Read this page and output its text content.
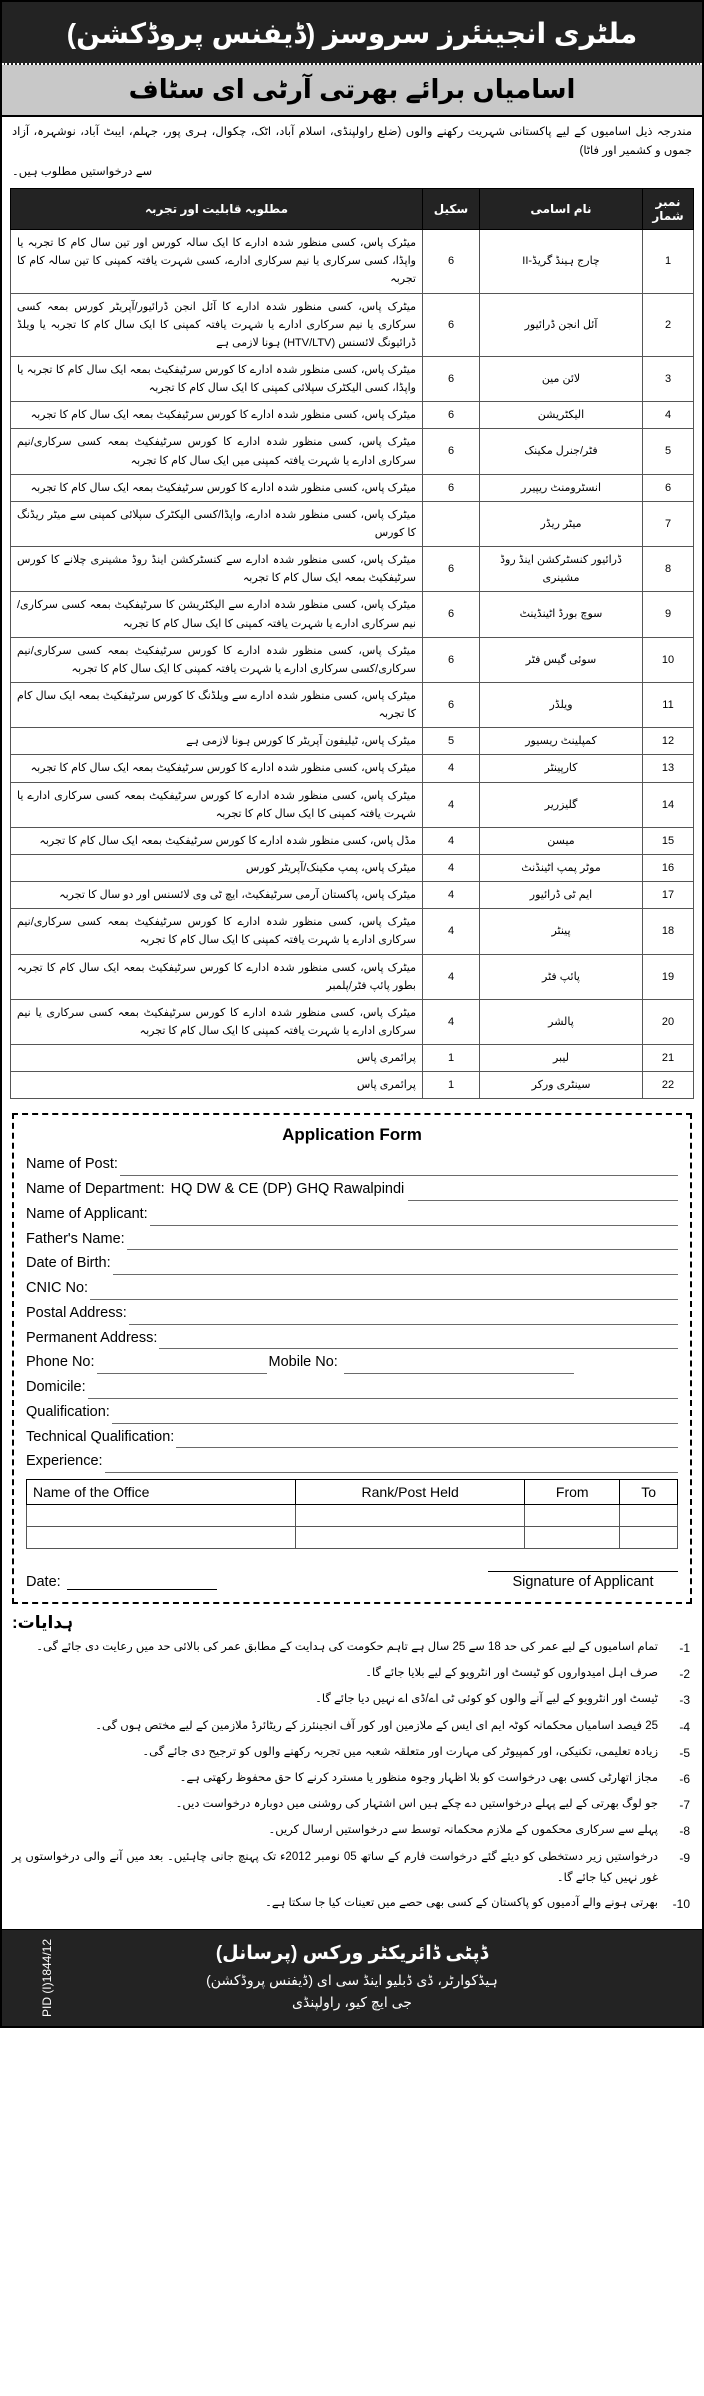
ملٹری انجینئرز سروسز (ڈیفنس پروڈکشن)
اسامیاں برائے بھرتی آرٹی ای سٹاف
مندرجہ ذیل اسامیوں کے لیے پاکستانی شہریت رکھنے والوں (ضلع راولپنڈی، اسلام آباد، اٹک، چکوال، ہری پور، جہلم، ایبٹ آباد، نوشہرہ، آزاد جموں و کشمیر اور فاٹا)
سے درخواستیں مطلوب ہیں۔
نمبر شمار	نام اسامی	سکیل	مطلوبہ قابلیت اور تجربہ
1	چارج ہینڈ گریڈ-II	6	میٹرک پاس، کسی منظور شدہ ادارے کا ایک سالہ کورس اور تین سال کام کا تجربہ یا واپڈا، کسی سرکاری یا نیم سرکاری ادارے، کسی شہرت یافتہ کمپنی کا تین سالہ کام کا تجربہ
2	آئل انجن ڈرائیور	6	میٹرک پاس، کسی منظور شدہ ادارے کا آئل انجن ڈرائیور/آپریٹر کورس بمعہ کسی سرکاری یا نیم سرکاری ادارے یا شہرت یافتہ کمپنی کا ایک سال کام کا تجربہ یا ویلڈ ڈرائیونگ لائسنس (HTV/LTV) ہونا لازمی ہے
3	لائن مین	6	میٹرک پاس، کسی منظور شدہ ادارے کا کورس سرٹیفکیٹ بمعہ ایک سال کام کا تجربہ یا واپڈا، کسی الیکٹرک سپلائی کمپنی کا ایک سال کام کا تجربہ
4	الیکٹریشن	6	میٹرک پاس، کسی منظور شدہ ادارے کا کورس سرٹیفکیٹ بمعہ ایک سال کام کا تجربہ
5	فٹر/جنرل مکینک	6	میٹرک پاس، کسی منظور شدہ ادارے کا کورس سرٹیفکیٹ بمعہ کسی سرکاری/نیم سرکاری ادارے یا شہرت یافتہ کمپنی میں ایک سال کام کا تجربہ
6	انسٹرومنٹ ریپیرر	6	میٹرک پاس، کسی منظور شدہ ادارے کا کورس سرٹیفکیٹ بمعہ ایک سال کام کا تجربہ
7	میٹر ریڈر		میٹرک پاس، کسی منظور شدہ ادارے، واپڈا/کسی الیکٹرک سپلائی کمپنی سے میٹر ریڈنگ کا کورس
8	ڈرائیور کنسٹرکشن اینڈ روڈ مشینری	6	میٹرک پاس، کسی منظور شدہ ادارے سے کنسٹرکشن اینڈ روڈ مشینری چلانے کا کورس سرٹیفکیٹ بمعہ ایک سال کام کا تجربہ
9	سوچ بورڈ اٹینڈینٹ	6	میٹرک پاس، کسی منظور شدہ ادارے سے الیکٹریشن کا سرٹیفکیٹ بمعہ کسی سرکاری/نیم سرکاری ادارے یا شہرت یافتہ کمپنی کا ایک سال کام کا تجربہ
10	سوئی گیس فٹر	6	میٹرک پاس، کسی منظور شدہ ادارے کا کورس سرٹیفکیٹ بمعہ کسی سرکاری/نیم سرکاری/کسی سرکاری ادارے یا شہرت یافتہ کمپنی کا ایک سال کام کا تجربہ
11	ویلڈر	6	میٹرک پاس، کسی منظور شدہ ادارے سے ویلڈنگ کا کورس سرٹیفکیٹ بمعہ ایک سال کام کا تجربہ
12	کمپلینٹ ریسیور	5	میٹرک پاس، ٹیلیفون آپریٹر کا کورس ہونا لازمی ہے
13	کارپینٹر	4	میٹرک پاس، کسی منظور شدہ ادارے کا کورس سرٹیفکیٹ بمعہ ایک سال کام کا تجربہ
14	گلیزریر	4	میٹرک پاس، کسی منظور شدہ ادارے کا کورس سرٹیفکیٹ بمعہ کسی سرکاری ادارے یا شہرت یافتہ کمپنی کا ایک سال کام کا تجربہ
15	میسن	4	مڈل پاس، کسی منظور شدہ ادارے کا کورس سرٹیفکیٹ بمعہ ایک سال کام کا تجربہ
16	موٹر پمپ اٹینڈنٹ	4	میٹرک پاس، پمپ مکینک/آپریٹر کورس
17	ایم ٹی ڈرائیور	4	میٹرک پاس، پاکستان آرمی سرٹیفکیٹ، ایچ ٹی وی لائسنس اور دو سال کا تجربہ
18	پینٹر	4	میٹرک پاس، کسی منظور شدہ ادارے کا کورس سرٹیفکیٹ بمعہ کسی سرکاری/نیم سرکاری ادارے یا شہرت یافتہ کمپنی کا ایک سال کام کا تجربہ
19	پائپ فٹر	4	میٹرک پاس، کسی منظور شدہ ادارے کا کورس سرٹیفکیٹ بمعہ ایک سال کام کا تجربہ بطور پائپ فٹر/پلمبر
20	پالشر	4	میٹرک پاس، کسی منظور شدہ ادارے کا کورس سرٹیفکیٹ بمعہ کسی سرکاری یا نیم سرکاری ادارے یا شہرت یافتہ کمپنی کا ایک سال کام کا تجربہ
21	لیبر	1	پرائمری پاس
22	سینٹری ورکر	1	پرائمری پاس
Application Form
Name of Post:
Name of Department: HQ DW & CE (DP) GHQ Rawalpindi
Name of Applicant:
Father's Name:
Date of Birth:
CNIC No:
Postal Address:
Permanent Address:
Phone No:	Mobile No:
Domicile:
Qualification:
Technical Qualification:
Experience:
Name of the Office	Rank/Post Held	From	To

Date:	Signature of Applicant
ہدایات:
1-
تمام اسامیوں کے لیے عمر کی حد 18 سے 25 سال ہے تاہم حکومت کی ہدایت کے مطابق عمر کی بالائی حد میں رعایت دی جائے گی۔
2-
صرف اہل امیدواروں کو ٹیسٹ اور انٹرویو کے لیے بلایا جائے گا۔
3-
ٹیسٹ اور انٹرویو کے لیے آنے والوں کو کوئی ٹی اے/ڈی اے نہیں دیا جائے گا۔
4-
25 فیصد اسامیاں محکمانہ کوٹہ ایم ای ایس کے ملازمین اور کور آف انجینئرز کے ریٹائرڈ ملازمین کے لیے مختص ہوں گی۔
5-
زیادہ تعلیمی، تکنیکی، اور کمپیوٹر کی مہارت اور متعلقہ شعبہ میں تجربہ رکھنے والوں کو ترجیح دی جائے گی۔
6-
مجاز اتھارٹی کسی بھی درخواست کو بلا اظہار وجوہ منظور یا مسترد کرنے کا حق محفوظ رکھتی ہے۔
7-
جو لوگ بھرتی کے لیے پہلے درخواستیں دے چکے ہیں اس اشتہار کی روشنی میں دوبارہ درخواست دیں۔
8-
پہلے سے سرکاری محکموں کے ملازم محکمانہ توسط سے درخواستیں ارسال کریں۔
9-
درخواستیں زیر دستخطی کو دیئے گئے درخواست فارم کے ساتھ 05 نومبر 2012ء تک پہنچ جانی چاہئیں۔ بعد میں آنے والی درخواستوں پر غور نہیں کیا جائے گا۔
10-
بھرتی ہونے والے آدمیوں کو پاکستان کے کسی بھی حصے میں تعینات کیا جا سکتا ہے۔
ڈپٹی ڈائریکٹر ورکس (پرسانل)
ہیڈکوارٹر، ڈی ڈبلیو اینڈ سی ای (ڈیفنس پروڈکشن)
جی ایچ کیو، راولپنڈی
PID (I)1844/12
